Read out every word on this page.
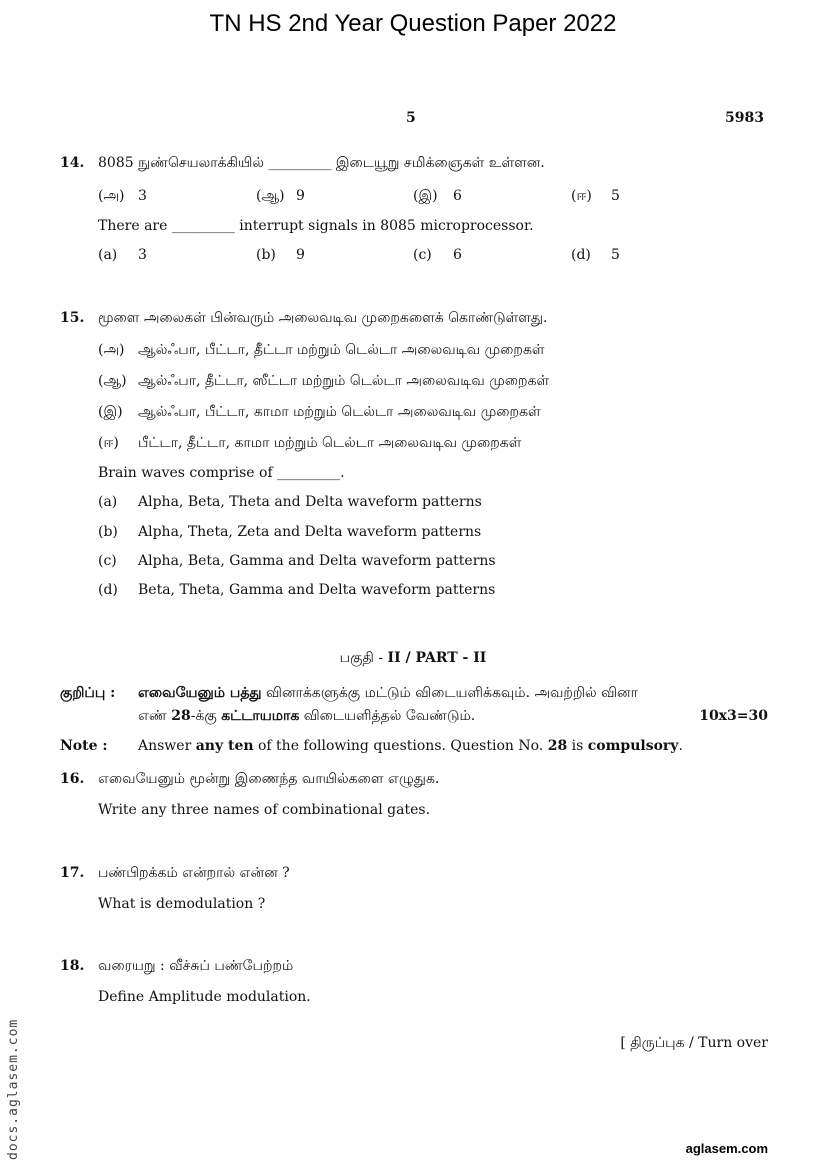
TN HS 2nd Year Question Paper 2022
5	5983
14. 8085 நுண்செயலாக்கியில் _________ இடையூறு சமிக்ஞைகள் உள்ளன.
(அ) 3	(ஆ) 9	(இ) 6	(ஈ) 5
There are _________ interrupt signals in 8085 microprocessor.
(a) 3	(b) 9	(c) 6	(d) 5
15. மூளை அலைகள் பின்வரும் அலைவடிவ முறைகளைக் கொண்டுள்ளது.
(அ) ஆல்ஃபா, பீட்டா, தீட்டா மற்றும் டெல்டா அலைவடிவ முறைகள்
(ஆ) ஆல்ஃபா, தீட்டா, ஸீட்டா மற்றும் டெல்டா அலைவடிவ முறைகள்
(இ) ஆல்ஃபா, பீட்டா, காமா மற்றும் டெல்டா அலைவடிவ முறைகள்
(ஈ) பீட்டா, தீட்டா, காமா மற்றும் டெல்டா அலைவடிவ முறைகள்
Brain waves comprise of _________.
(a) Alpha, Beta, Theta and Delta waveform patterns
(b) Alpha, Theta, Zeta and Delta waveform patterns
(c) Alpha, Beta, Gamma and Delta waveform patterns
(d) Beta, Theta, Gamma and Delta waveform patterns
பகுதி - II / PART - II
குறிப்பு : எவையேனும் பத்து வினாக்களுக்கு மட்டும் விடையளிக்கவும். அவற்றில் வினா
எண் 28-க்கு கட்டாயமாக விடையளித்தல் வேண்டும்.	10x3=30
Note : Answer any ten of the following questions. Question No. 28 is compulsory.
16. எவையேனும் மூன்று இணைந்த வாயில்களை எழுதுக.
Write any three names of combinational gates.
17. பண்பிறக்கம் என்றால் என்ன ?
What is demodulation ?
18. வரையறு : வீச்சுப் பண்பேற்றம்
Define Amplitude modulation.
[ திருப்புக / Turn over
docs.aglasem.com	aglasem.com
